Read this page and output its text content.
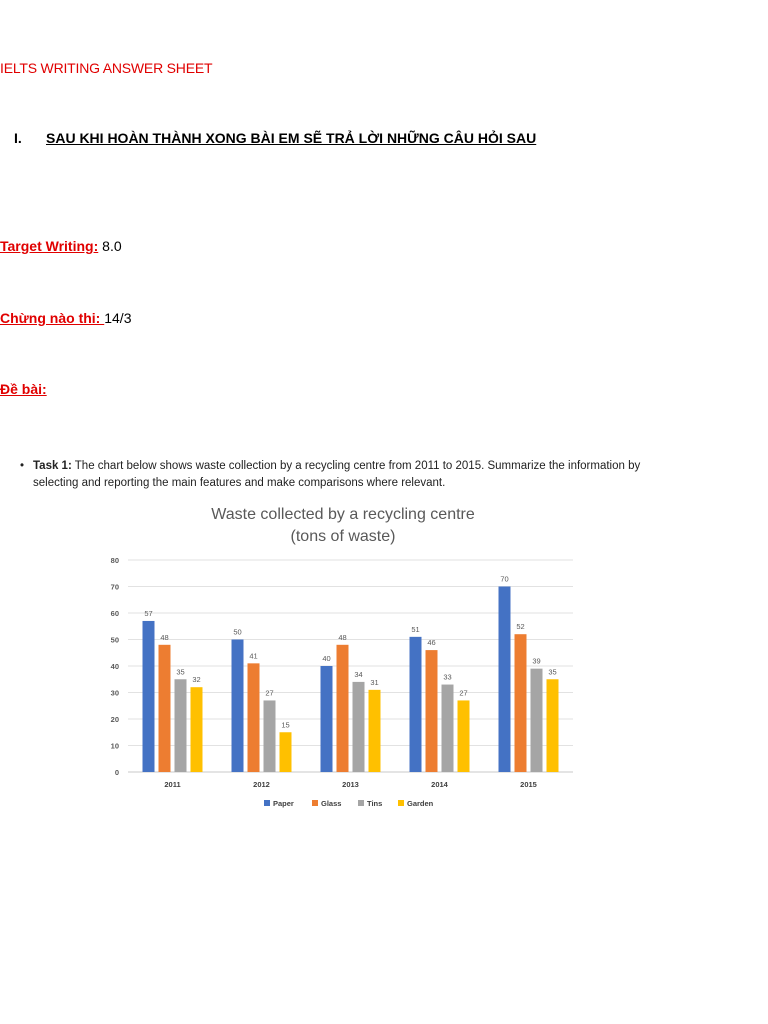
IELTS WRITING ANSWER SHEET
I. SAU KHI HOÀN THÀNH XONG BÀI EM SẼ TRẢ LỜI NHỮNG CÂU HỎI SAU
Target Writing: 8.0
Chừng nào thi: 14/3
Đề bài:
• Task 1: The chart below shows waste collection by a recycling centre from 2011 to 2015. Summarize the information by selecting and reporting the main features and make comparisons where relevant.
Waste collected by a recycling centre
(tons of waste)
0
10
20
30
40
50
60
70
80
57
48
35
32
2011
50
41
27
15
2012
40
48
34
31
2013
51
46
33
27
2014
70
52
39
35
2015
Paper	Glass	Tins	Garden
